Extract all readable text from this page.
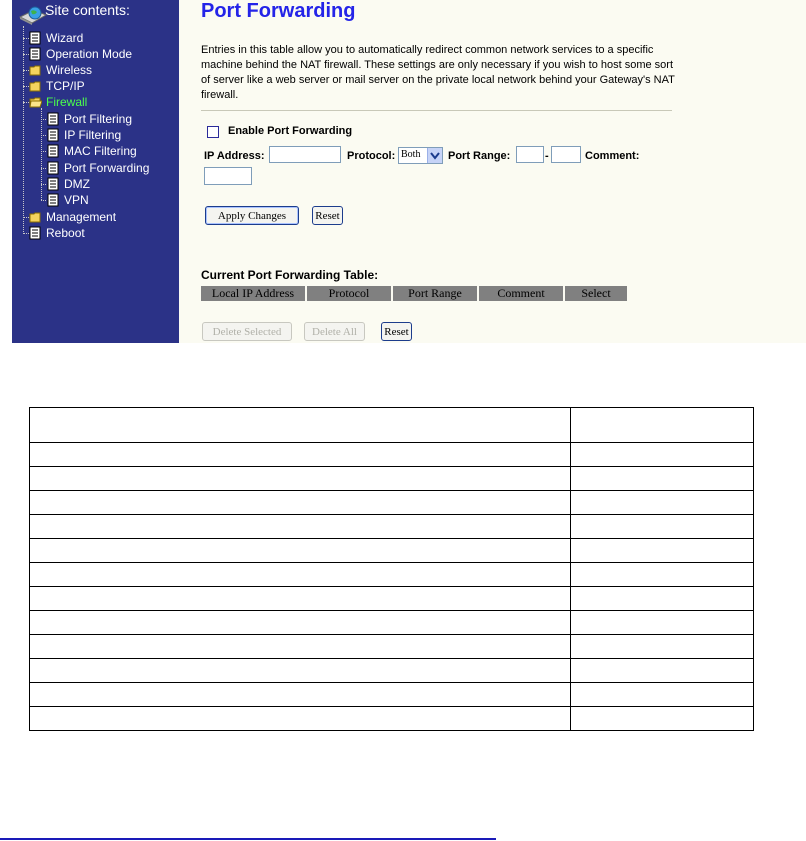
Site contents:
Wizard
Operation Mode
Wireless
TCP/IP
Firewall
Port Filtering
IP Filtering
MAC Filtering
Port Forwarding
DMZ
VPN
Management
Reboot
Port Forwarding
Entries in this table allow you to automatically redirect common network services to a specific machine behind the NAT firewall. These settings are only necessary if you wish to host some sort of server like a web server or mail server on the private local network behind your Gateway's NAT firewall.
Enable Port Forwarding
IP Address:	Protocol: Both	Port Range:	-	Comment:
Apply Changes	Reset
Current Port Forwarding Table:
Local IP Address	Protocol	Port Range	Comment	Select
Delete Selected	Delete All	Reset
